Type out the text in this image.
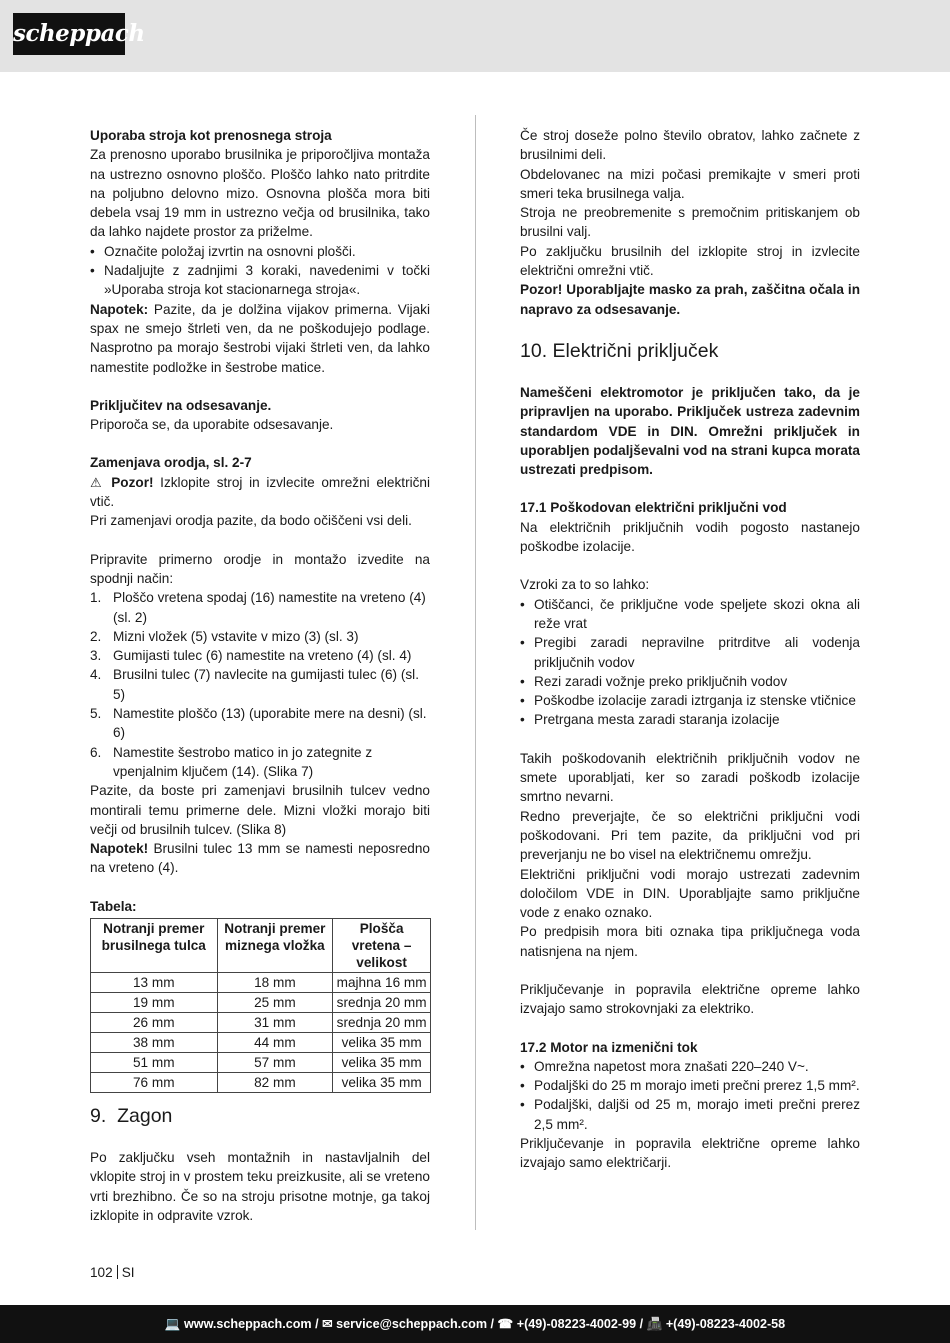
scheppach

Uporaba stroja kot prenosnega stroja

Za prenosno uporabo brusilnika je priporočljiva montaža na ustrezno osnovno ploščo. Ploščo lahko nato pritrdite na poljubno delovno mizo. Osnovna plošča mora biti debela vsaj 19 mm in ustrezno večja od brusilnika, tako da lahko najdete prostor za priželme.

• Označite položaj izvrtin na osnovni plošči.
• Nadaljujte z zadnjimi 3 koraki, navedenimi v točki »Uporaba stroja kot stacionarnega stroja«.

Napotek: Pazite, da je dolžina vijakov primerna. Vijaki spax ne smejo štrleti ven, da ne poškodujejo podlage. Nasprotno pa morajo šestrobi vijaki štrleti ven, da lahko namestite podložke in šestrobe matice.

Priključitev na odsesavanje.

Priporoča se, da uporabite odsesavanje.

Zamenjava orodja, sl. 2-7

⚠ Pozor! Izklopite stroj in izvlecite omrežni električni vtič.

Pri zamenjavi orodja pazite, da bodo očiščeni vsi deli.

Pripravite primerno orodje in montažo izvedite na spodnji način:

1. Ploščo vretena spodaj (16) namestite na vreteno (4) (sl. 2)
2. Mizni vložek (5) vstavite v mizo (3) (sl. 3)
3. Gumijasti tulec (6) namestite na vreteno (4) (sl. 4)
4. Brusilni tulec (7) navlecite na gumijasti tulec (6) (sl. 5)
5. Namestite ploščo (13) (uporabite mere na desni) (sl. 6)
6. Namestite šestrobo matico in jo zategnite z vpenjalnim ključem (14). (Slika 7)

Pazite, da boste pri zamenjavi brusilnih tulcev vedno montirali temu primerne dele. Mizni vložki morajo biti večji od brusilnih tulcev. (Slika 8)

Napotek! Brusilni tulec 13 mm se namesti neposredno na vreteno (4).

Tabela:

Notranji premer brusilnega tulca	Notranji premer miznega vložka	Plošča vretena – velikost
13 mm	18 mm	majhna 16 mm
19 mm	25 mm	srednja 20 mm
26 mm	31 mm	srednja 20 mm
38 mm	44 mm	velika 35 mm
51 mm	57 mm	velika 35 mm
76 mm	82 mm	velika 35 mm
9. Zagon

Po zaključku vseh montažnih in nastavljalnih del vklopite stroj in v prostem teku preizkusite, ali se vreteno vrti brezhibno. Če so na stroju prisotne motnje, ga takoj izklopite in odpravite vzrok.

Če stroj doseže polno število obratov, lahko začnete z brusilnimi deli.

Obdelovanec na mizi počasi premikajte v smeri proti smeri teka brusilnega valja.

Stroja ne preobremenite s premočnim pritiskanjem ob brusilni valj.

Po zaključku brusilnih del izklopite stroj in izvlecite električni omrežni vtič.

Pozor! Uporabljajte masko za prah, zaščitna očala in napravo za odsesavanje.

10. Električni priključek

Nameščeni elektromotor je priključen tako, da je pripravljen na uporabo. Priključek ustreza zadevnim standardom VDE in DIN. Omrežni priključek in uporabljen podaljševalni vod na strani kupca morata ustrezati predpisom.

17.1 Poškodovan električni priključni vod

Na električnih priključnih vodih pogosto nastanejo poškodbe izolacije.

Vzroki za to so lahko:

• Otiščanci, če priključne vode speljete skozi okna ali reže vrat
• Pregibi zaradi nepravilne pritrditve ali vodenja priključnih vodov
• Rezi zaradi vožnje preko priključnih vodov
• Poškodbe izolacije zaradi iztrganja iz stenske vtičnice
• Pretrgana mesta zaradi staranja izolacije

Takih poškodovanih električnih priključnih vodov ne smete uporabljati, ker so zaradi poškodb izolacije smrtno nevarni.

Redno preverjajte, če so električni priključni vodi poškodovani. Pri tem pazite, da priključni vod pri preverjanju ne bo visel na električnemu omrežju.

Električni priključni vodi morajo ustrezati zadevnim določilom VDE in DIN. Uporabljajte samo priključne vode z enako oznako.

Po predpisih mora biti oznaka tipa priključnega voda natisnjena na njem.

Priključevanje in popravila električne opreme lahko izvajajo samo strokovnjaki za elektriko.

17.2 Motor na izmenični tok

• Omrežna napetost mora znašati 220–240 V~.
• Podaljški do 25 m morajo imeti prečni prerez 1,5 mm².
• Podaljški, daljši od 25 m, morajo imeti prečni prerez 2,5 mm².

Priključevanje in popravila električne opreme lahko izvajajo samo električarji.

102 SI
💻 www.scheppach.com / ✉ service@scheppach.com / ☎ +(49)-08223-4002-99 / 📠 +(49)-08223-4002-58
